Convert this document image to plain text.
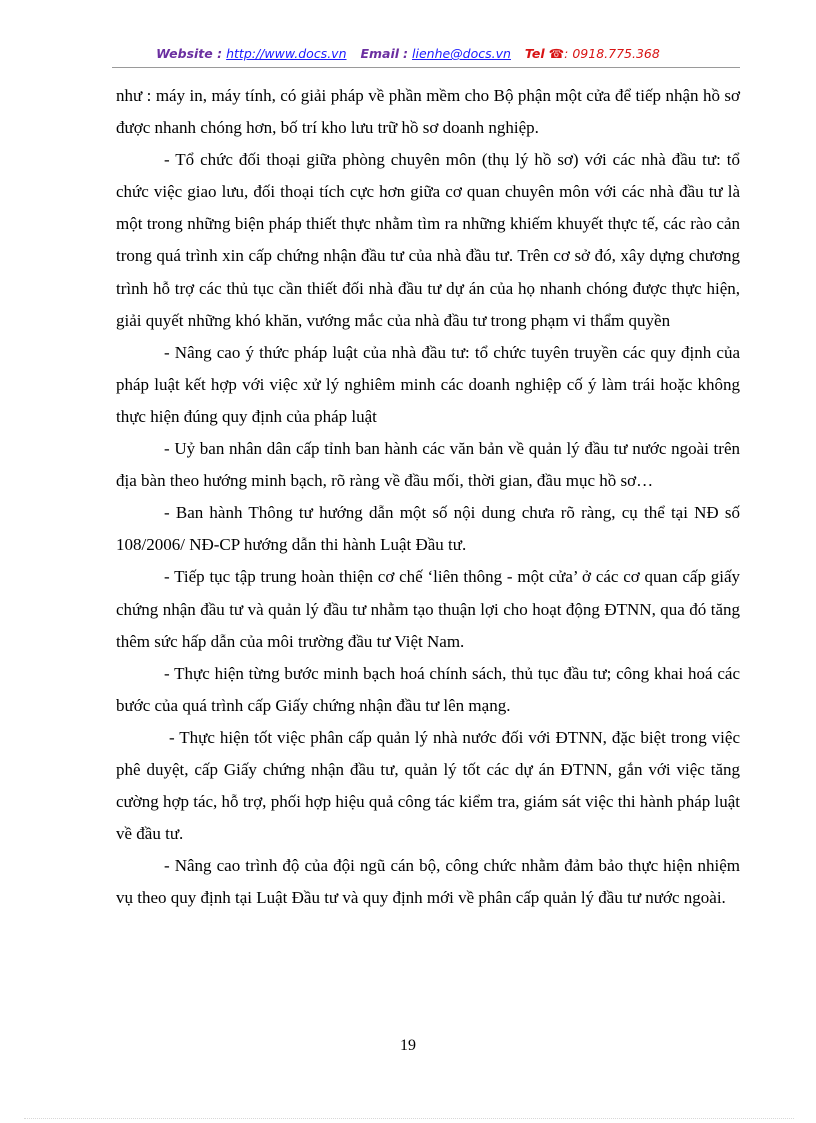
Website : http://www.docs.vn Email : lienhe@docs.vn Tel ☎: 0918.775.368

như : máy in, máy tính, có giải pháp về phần mềm cho Bộ phận một cửa để tiếp nhận hồ sơ được nhanh chóng hơn, bố trí kho lưu trữ hồ sơ doanh nghiệp.

- Tổ chức đối thoại giữa phòng chuyên môn (thụ lý hồ sơ) với các nhà đầu tư: tổ chức việc giao lưu, đối thoại tích cực hơn giữa cơ quan chuyên môn với các nhà đầu tư là một trong những biện pháp thiết thực nhằm tìm ra những khiếm khuyết thực tế, các rào cản trong quá trình xin cấp chứng nhận đầu tư của nhà đầu tư. Trên cơ sở đó, xây dựng chương trình hỗ trợ các thủ tục cần thiết đối nhà đầu tư dự án của họ nhanh chóng được thực hiện, giải quyết những khó khăn, vướng mắc của nhà đầu tư trong phạm vi thẩm quyền

- Nâng cao ý thức pháp luật của nhà đầu tư: tổ chức tuyên truyền các quy định của pháp luật kết hợp với việc xử lý nghiêm minh các doanh nghiệp cố ý làm trái hoặc không thực hiện đúng quy định của pháp luật

- Uỷ ban nhân dân cấp tỉnh ban hành các văn bản về quản lý đầu tư nước ngoài trên địa bàn theo hướng minh bạch, rõ ràng về đầu mối, thời gian, đầu mục hồ sơ…

- Ban hành Thông tư hướng dẫn một số nội dung chưa rõ ràng, cụ thể tại NĐ số 108/2006/ NĐ-CP hướng dẫn thi hành Luật Đầu tư.

- Tiếp tục tập trung hoàn thiện cơ chế ‘liên thông - một cửa’ ở các cơ quan cấp giấy chứng nhận đầu tư và quản lý đầu tư nhằm tạo thuận lợi cho hoạt động ĐTNN, qua đó tăng thêm sức hấp dẫn của môi trường đầu tư Việt Nam.

- Thực hiện từng bước minh bạch hoá chính sách, thủ tục đầu tư; công khai hoá các bước của quá trình cấp Giấy chứng nhận đầu tư lên mạng.

- Thực hiện tốt việc phân cấp quản lý nhà nước đối với ĐTNN, đặc biệt trong việc phê duyệt, cấp Giấy chứng nhận đầu tư, quản lý tốt các dự án ĐTNN, gắn với việc tăng cường hợp tác, hỗ trợ, phối hợp hiệu quả công tác kiểm tra, giám sát việc thi hành pháp luật về đầu tư.

- Nâng cao trình độ của đội ngũ cán bộ, công chức nhằm đảm bảo thực hiện nhiệm vụ theo quy định tại Luật Đầu tư và quy định mới về phân cấp quản lý đầu tư nước ngoài.

19
